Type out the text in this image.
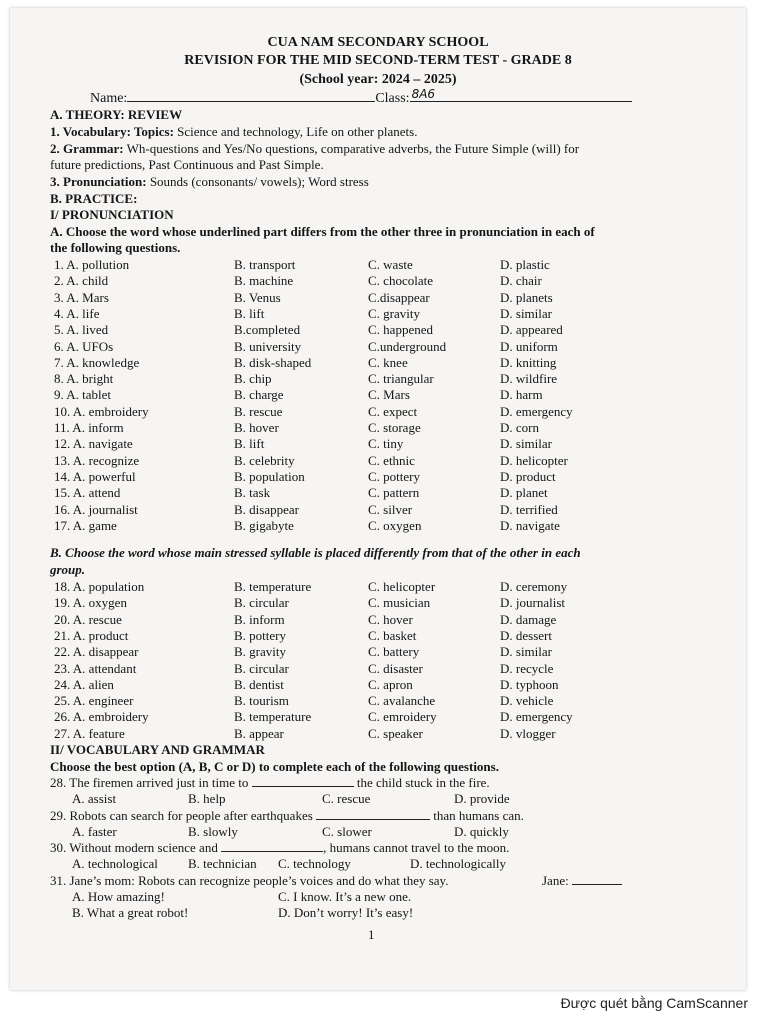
CUA NAM SECONDARY SCHOOL
REVISION FOR THE MID SECOND-TERM TEST - GRADE 8
(School year: 2024 – 2025)
Name:	Class: 8A6
A. THEORY: REVIEW
1. Vocabulary: Topics: Science and technology, Life on other planets.
2. Grammar: Wh-questions and Yes/No questions, comparative adverbs, the Future Simple (will) for
future predictions, Past Continuous and Past Simple.
3. Pronunciation: Sounds (consonants/ vowels); Word stress
B. PRACTICE:
I/ PRONUNCIATION
A. Choose the word whose underlined part differs from the other three in pronunciation in each of
the following questions.
1. A. pollution	B. transport	C. waste	D. plastic
2. A. child	B. machine	C. chocolate	D. chair
3. A. Mars	B. Venus	C.disappear	D. planets
4. A. life	B. lift	C. gravity	D. similar
5. A. lived	B.completed	C. happened	D. appeared
6. A. UFOs	B. university	C.underground	D. uniform
7. A. knowledge	B. disk-shaped	C. knee	D. knitting
8. A. bright	B. chip	C. triangular	D. wildfire
9. A. tablet	B. charge	C. Mars	D. harm
10. A. embroidery	B. rescue	C. expect	D. emergency
11. A. inform	B. hover	C. storage	D. corn
12. A. navigate	B. lift	C. tiny	D. similar
13. A. recognize	B. celebrity	C. ethnic	D. helicopter
14. A. powerful	B. population	C. pottery	D. product
15. A. attend	B. task	C. pattern	D. planet
16. A. journalist	B. disappear	C. silver	D. terrified
17. A. game	B. gigabyte	C. oxygen	D. navigate
B. Choose the word whose main stressed syllable is placed differently from that of the other in each
group.
18. A. population	B. temperature	C. helicopter	D. ceremony
19. A. oxygen	B. circular	C. musician	D. journalist
20. A. rescue	B. inform	C. hover	D. damage
21. A. product	B. pottery	C. basket	D. dessert
22. A. disappear	B. gravity	C. battery	D. similar
23. A. attendant	B. circular	C. disaster	D. recycle
24. A. alien	B. dentist	C. apron	D. typhoon
25. A. engineer	B. tourism	C. avalanche	D. vehicle
26. A. embroidery	B. temperature	C. emroidery	D. emergency
27. A. feature	B. appear	C. speaker	D. vlogger
II/ VOCABULARY AND GRAMMAR
Choose the best option (A, B, C or D) to complete each of the following questions.
28. The firemen arrived just in time to	the child stuck in the fire.
A. assist	B. help	C. rescue	D. provide
29. Robots can search for people after earthquakes	than humans can.
A. faster	B. slowly	C. slower	D. quickly
30. Without modern science and	, humans cannot travel to the moon.
A. technological B. technician C. technology	D. technologically
31. Jane’s mom: Robots can recognize people’s voices and do what they say.	Jane:
A. How amazing!	C. I know. It’s a new one.
B. What a great robot!	D. Don’t worry! It’s easy!
1
Được quét bằng CamScanner
